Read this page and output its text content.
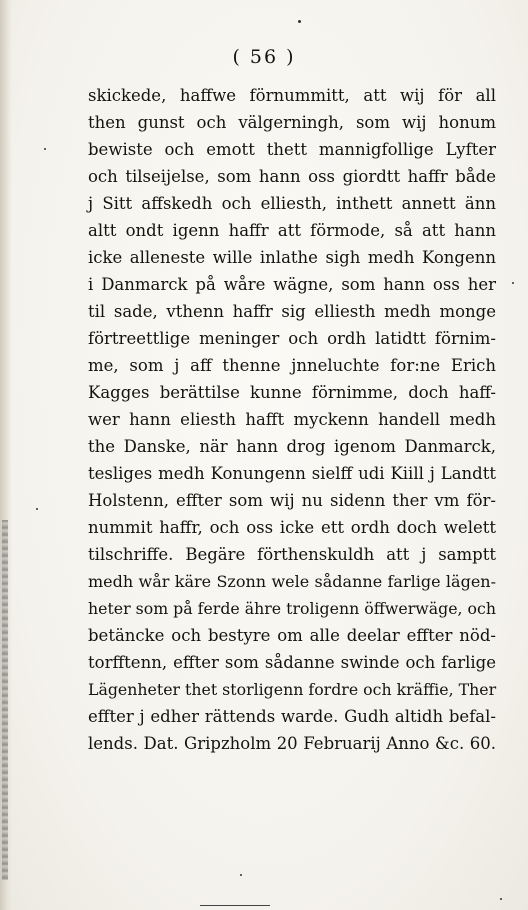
( 56 )
skickede, haffwe förnummitt, att wij för all
then gunst och välgerningh, som wij honum
bewiste och emott thett mannigfollige Lyfter
och tilseijelse, som hann oss giordtt haffr både
j Sitt affskedh och elliesth, inthett annett änn
altt ondt igenn haffr att förmode, så att hann
icke alleneste wille inlathe sigh medh Kongenn
i Danmarck på wåre wägne, som hann oss her
til sade, vthenn haffr sig elliesth medh monge
förtreettlige meninger och ordh latidtt förnim-
me, som j aff thenne jnneluchte for:ne Erich
Kagges berättilse kunne förnimme, doch haff-
wer hann eliesth hafft myckenn handell medh
the Danske, när hann drog igenom Danmarck,
tesliges medh Konungenn sielff udi Kiill j Landtt
Holstenn, effter som wij nu sidenn ther vm för-
nummit haffr, och oss icke ett ordh doch welett
tilschriffe. Begäre förthenskuldh att j samptt
medh wår käre Szonn wele sådanne farlige lägen-
heter som på ferde ähre troligenn öffwerwäge, och
betäncke och bestyre om alle deelar effter nöd-
torfftenn, effter som sådanne swinde och farlige
Lägenheter thet storligenn fordre och kräffie, Ther
effter j edher rättends warde. Gudh altidh befal-
lends. Dat. Gripzholm 20 Februarij Anno &c. 60.
